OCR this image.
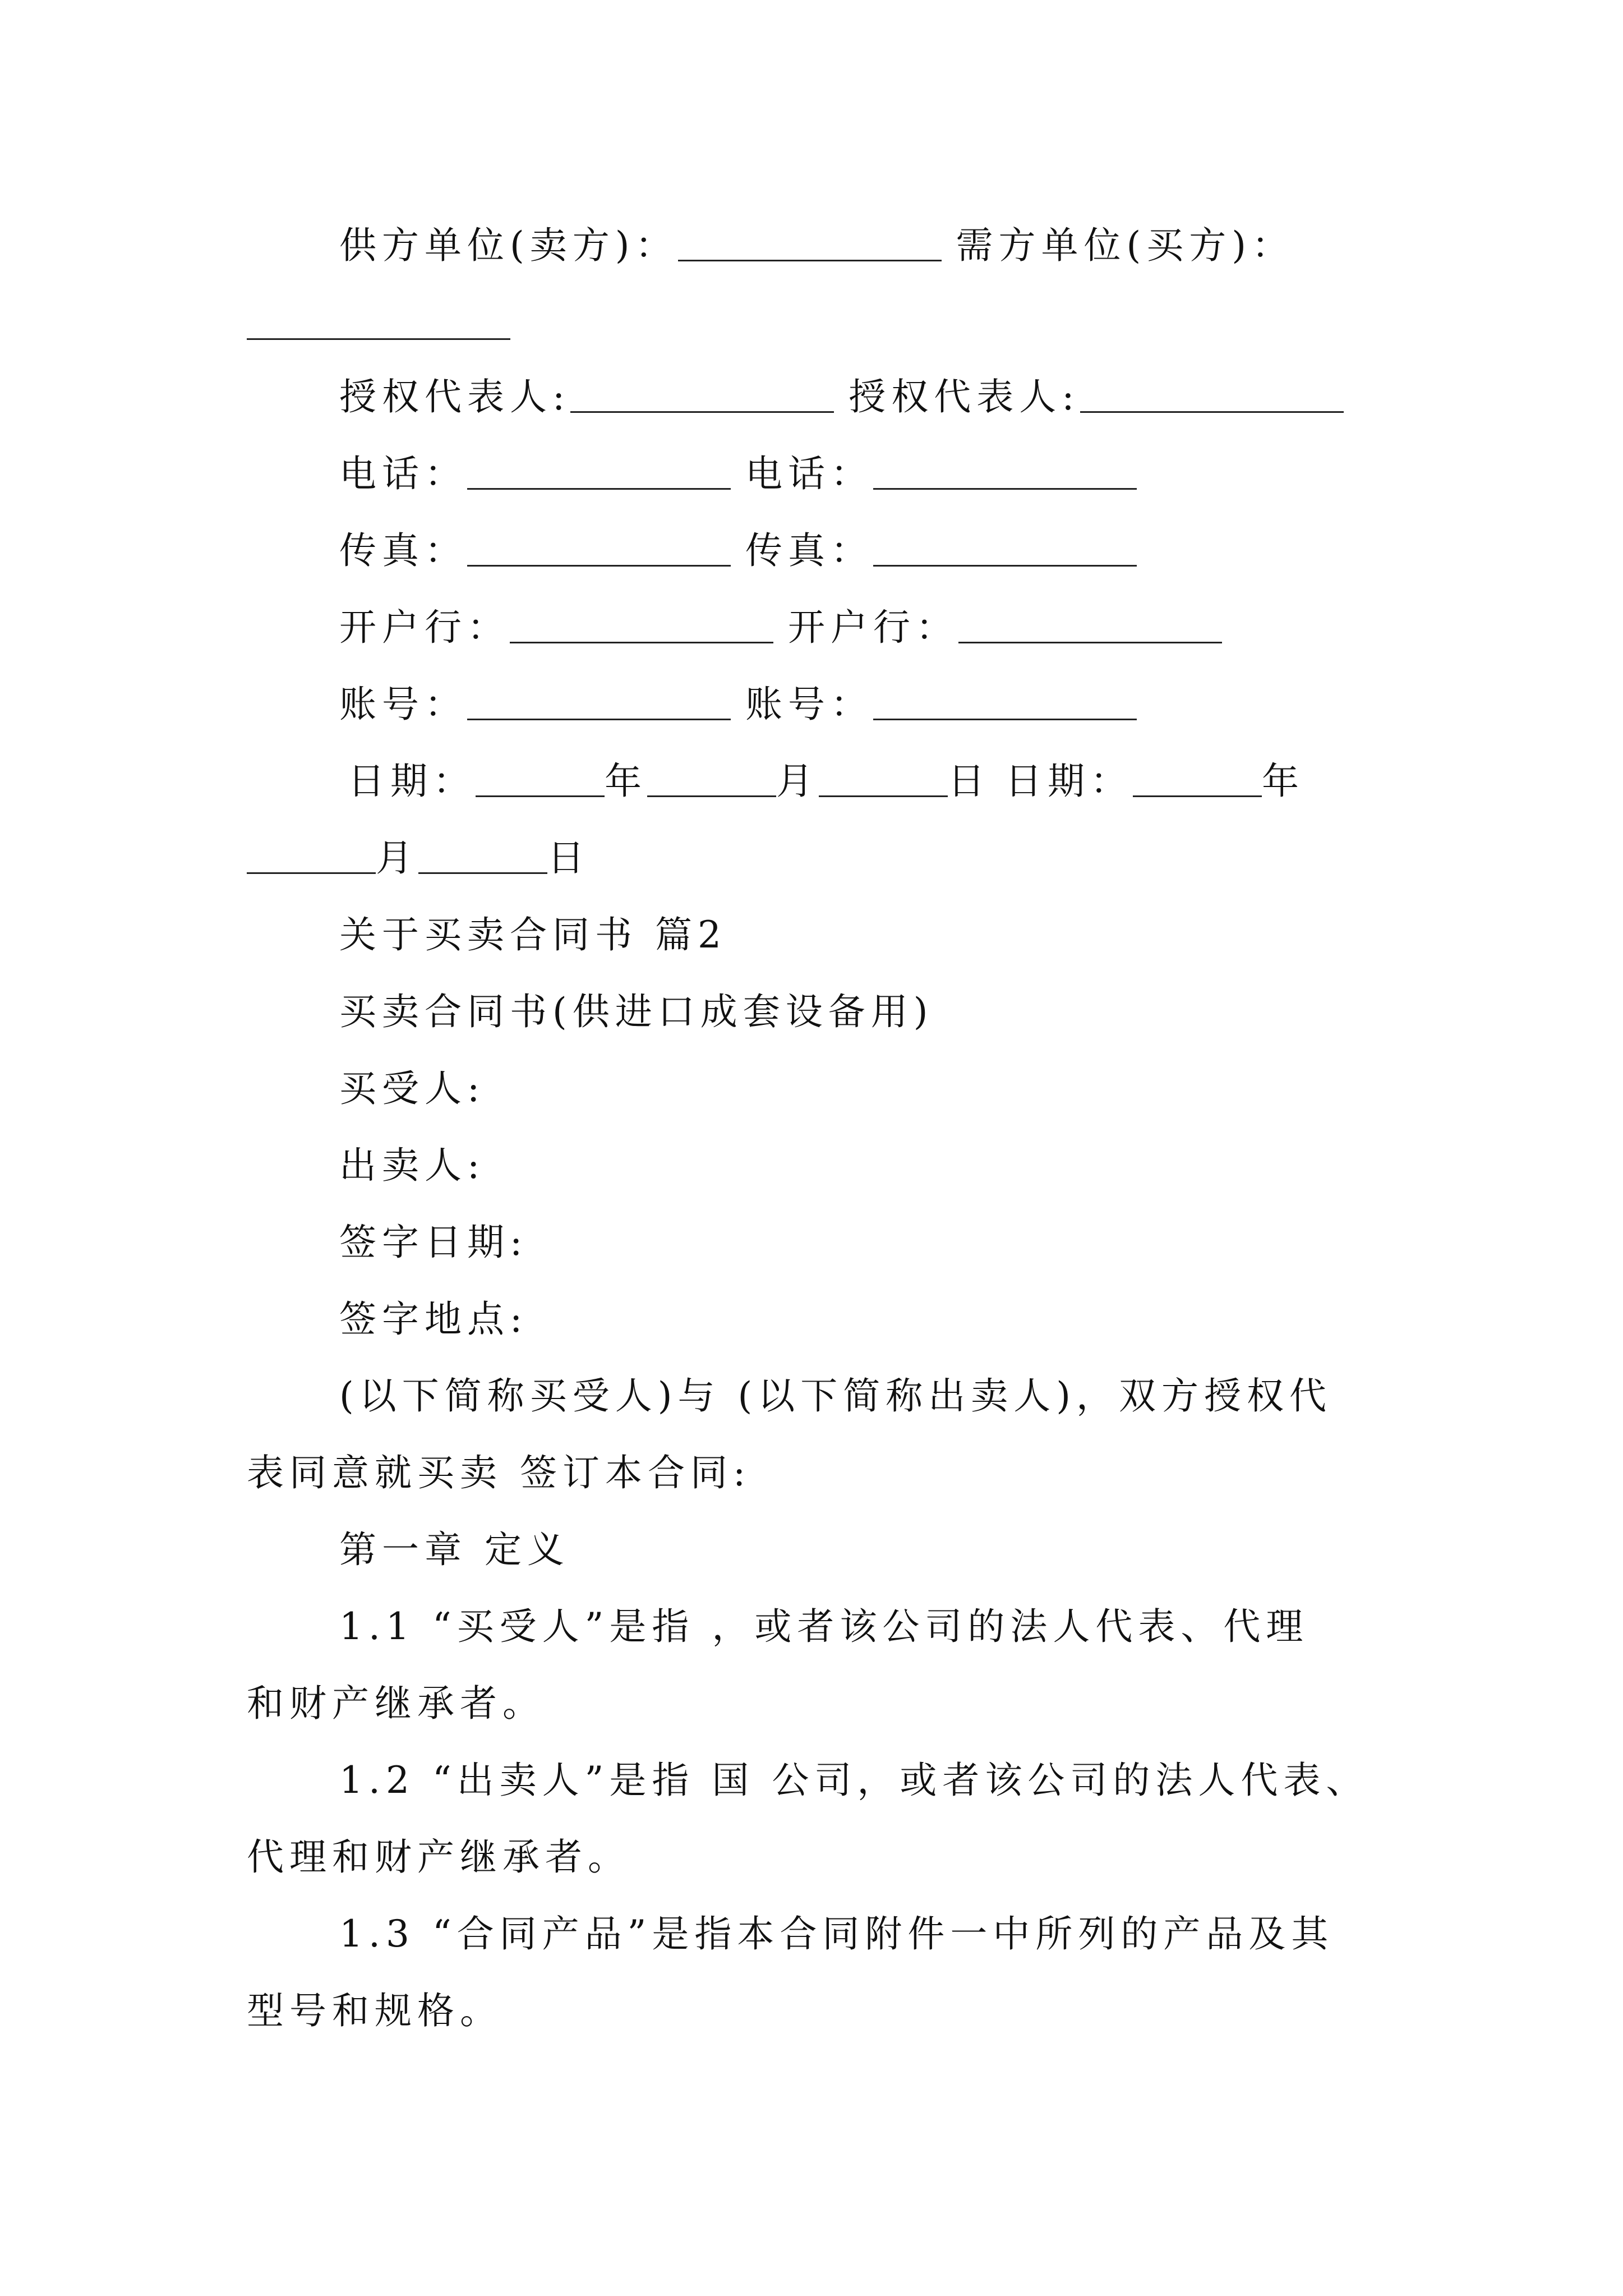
供方单位(卖方)：	需方单位(买方)：
授权代表人:	授权代表人:
电话：	电话：
传真：	传真：
开户行：	开户行：
账号：	账号：
日期：	年	月	日 日期：	年
月	日
关于买卖合同书 篇2
买卖合同书(供进口成套设备用)
买受人:
出卖人:
签字日期:
签字地点:
(以下简称买受人)与 (以下简称出卖人)，双方授权代
表同意就买卖 签订本合同:
第一章 定义
1.1 “买受人”是指 ，或者该公司的法人代表、代理
和财产继承者。
1.2 “出卖人”是指 国 公司，或者该公司的法人代表、
代理和财产继承者。
1.3 “合同产品”是指本合同附件一中所列的产品及其
型号和规格。
